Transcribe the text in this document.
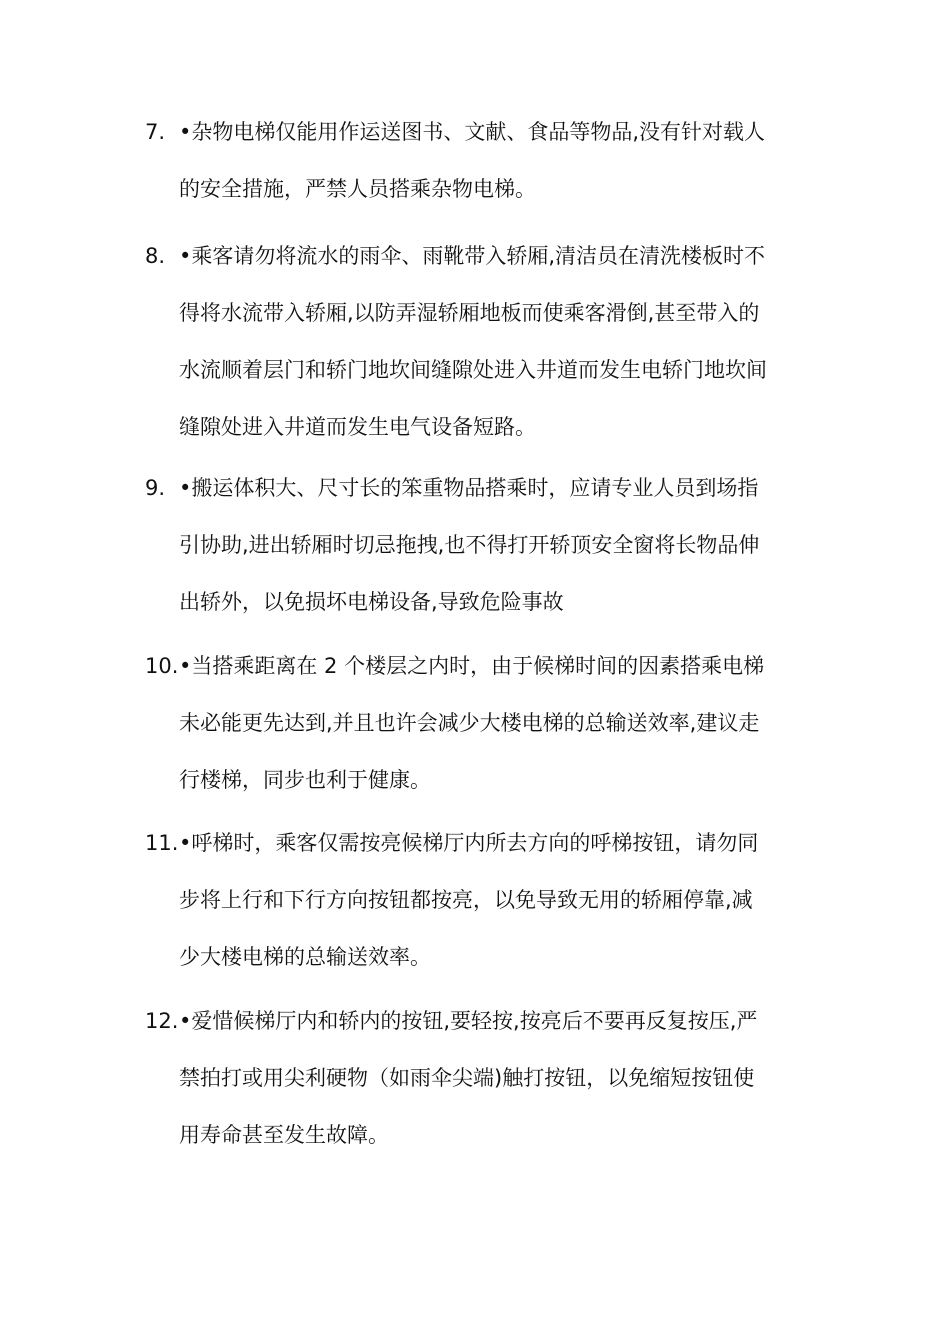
7. •杂物电梯仅能用作运送图书、文献、食品等物品,没有针对载人
的安全措施，严禁人员搭乘杂物电梯。
8. •乘客请勿将流水的雨伞、雨靴带入轿厢,清洁员在清洗楼板时不
得将水流带入轿厢,以防弄湿轿厢地板而使乘客滑倒,甚至带入的
水流顺着层门和轿门地坎间缝隙处进入井道而发生电轿门地坎间
缝隙处进入井道而发生电气设备短路。
9. •搬运体积大、尺寸长的笨重物品搭乘时，应请专业人员到场指
引协助,进出轿厢时切忌拖拽,也不得打开轿顶安全窗将长物品伸
出轿外，以免损坏电梯设备,导致危险事故
10. •当搭乘距离在 2 个楼层之内时，由于候梯时间的因素搭乘电梯
未必能更先达到,并且也许会减少大楼电梯的总输送效率,建议走
行楼梯，同步也利于健康。
11. •呼梯时，乘客仅需按亮候梯厅内所去方向的呼梯按钮，请勿同
步将上行和下行方向按钮都按亮，以免导致无用的轿厢停靠,减
少大楼电梯的总输送效率。
12. •爱惜候梯厅内和轿内的按钮,要轻按,按亮后不要再反复按压,严
禁拍打或用尖利硬物（如雨伞尖端)触打按钮，以免缩短按钮使
用寿命甚至发生故障。
